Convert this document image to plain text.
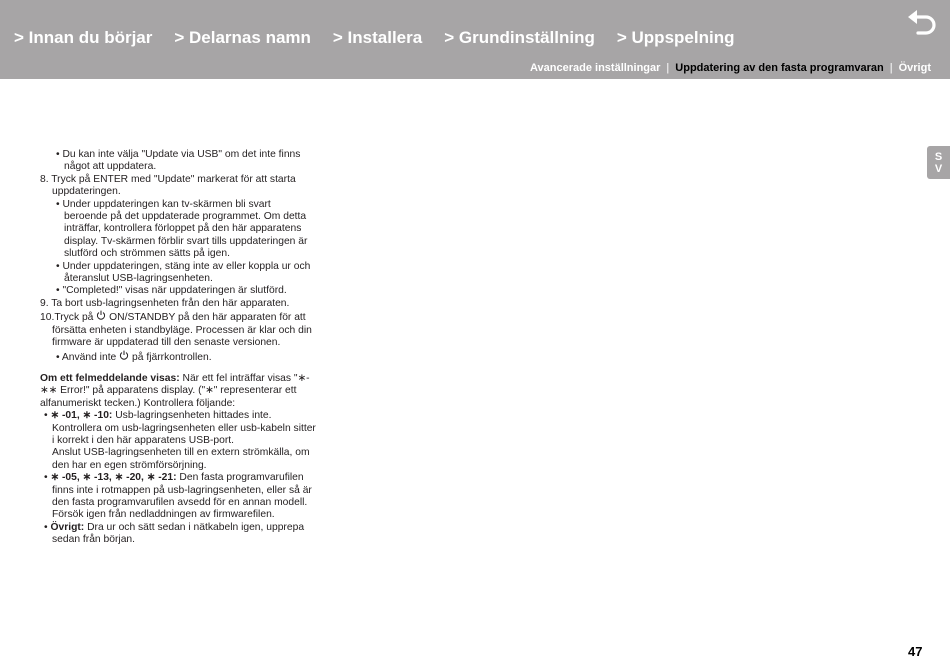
> Innan du börjar > Delarnas namn > Installera > Grundinställning > Uppspelning
Avancerade inställningar | Uppdatering av den fasta programvaran | Övrigt
S
V

• Du kan inte välja "Update via USB" om det inte finns något att uppdatera.

8. Tryck på ENTER med "Update" markerat för att starta uppdateringen.

• Under uppdateringen kan tv-skärmen bli svart beroende på det uppdaterade programmet. Om detta inträffar, kontrollera förloppet på den här apparatens display. Tv-skärmen förblir svart tills uppdateringen är slutförd och strömmen sätts på igen.

• Under uppdateringen, stäng inte av eller koppla ur och återanslut USB-lagringsenheten.

• "Completed!" visas när uppdateringen är slutförd.

9. Ta bort usb-lagringsenheten från den här apparaten.

10.Tryck på  ON/STANDBY på den här apparaten för att försätta enheten i standbyläge. Processen är klar och din firmware är uppdaterad till den senaste versionen.

• Använd inte  på fjärrkontrollen.

Om ett felmeddelande visas: När ett fel inträffar visas "∗-∗∗ Error!" på apparatens display. ("∗" representerar ett alfanumeriskt tecken.) Kontrollera följande:

• ∗ -01, ∗ -10: Usb-lagringsenheten hittades inte. Kontrollera om usb-lagringsenheten eller usb-kabeln sitter i korrekt i den här apparatens USB-port.

Anslut USB-lagringsenheten till en extern strömkälla, om den har en egen strömförsörjning.

• ∗ -05, ∗ -13, ∗ -20, ∗ -21: Den fasta programvarufilen finns inte i rotmappen på usb-lagringsenheten, eller så är den fasta programvarufilen avsedd för en annan modell. Försök igen från nedladdningen av firmwarefilen.

• Övrigt: Dra ur och sätt sedan i nätkabeln igen, upprepa sedan från början.

47
